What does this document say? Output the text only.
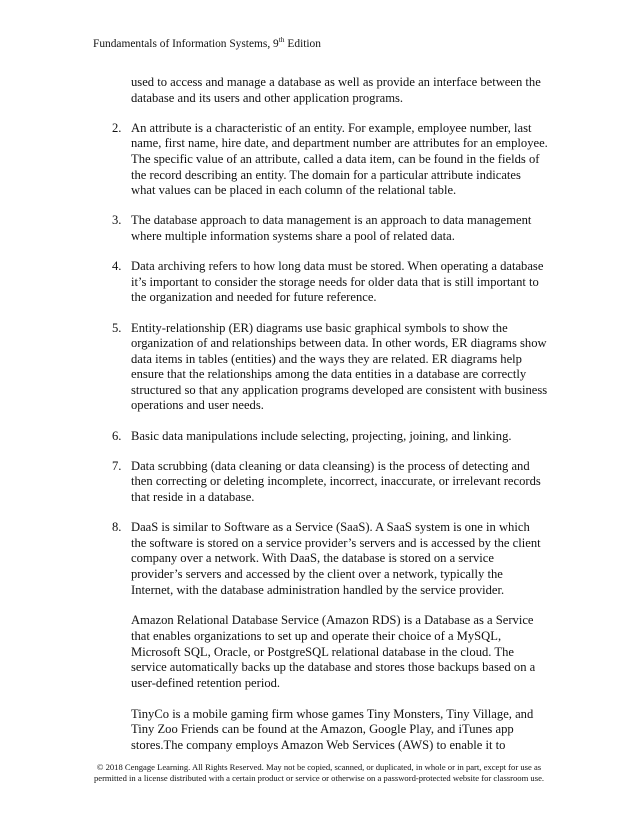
Fundamentals of Information Systems, 9th Edition

used to access and manage a database as well as provide an interface between the database and its users and other application programs.

2. An attribute is a characteristic of an entity. For example, employee number, last name, first name, hire date, and department number are attributes for an employee. The specific value of an attribute, called a data item, can be found in the fields of the record describing an entity. The domain for a particular attribute indicates what values can be placed in each column of the relational table.

3. The database approach to data management is an approach to data management where multiple information systems share a pool of related data.

4. Data archiving refers to how long data must be stored. When operating a database it’s important to consider the storage needs for older data that is still important to the organization and needed for future reference.

5. Entity-relationship (ER) diagrams use basic graphical symbols to show the organization of and relationships between data. In other words, ER diagrams show data items in tables (entities) and the ways they are related. ER diagrams help ensure that the relationships among the data entities in a database are correctly structured so that any application programs developed are consistent with business operations and user needs.

6. Basic data manipulations include selecting, projecting, joining, and linking.

7. Data scrubbing (data cleaning or data cleansing) is the process of detecting and then correcting or deleting incomplete, incorrect, inaccurate, or irrelevant records that reside in a database.

8. DaaS is similar to Software as a Service (SaaS). A SaaS system is one in which the software is stored on a service provider’s servers and is accessed by the client company over a network. With DaaS, the database is stored on a service provider’s servers and accessed by the client over a network, typically the Internet, with the database administration handled by the service provider.

Amazon Relational Database Service (Amazon RDS) is a Database as a Service that enables organizations to set up and operate their choice of a MySQL, Microsoft SQL, Oracle, or PostgreSQL relational database in the cloud. The service automatically backs up the database and stores those backups based on a user-defined retention period.

TinyCo is a mobile gaming firm whose games Tiny Monsters, Tiny Village, and Tiny Zoo Friends can be found at the Amazon, Google Play, and iTunes app stores.The company employs Amazon Web Services (AWS) to enable it to

© 2018 Cengage Learning. All Rights Reserved. May not be copied, scanned, or duplicated, in whole or in part, except for use as
permitted in a license distributed with a certain product or service or otherwise on a password-protected website for classroom use.
